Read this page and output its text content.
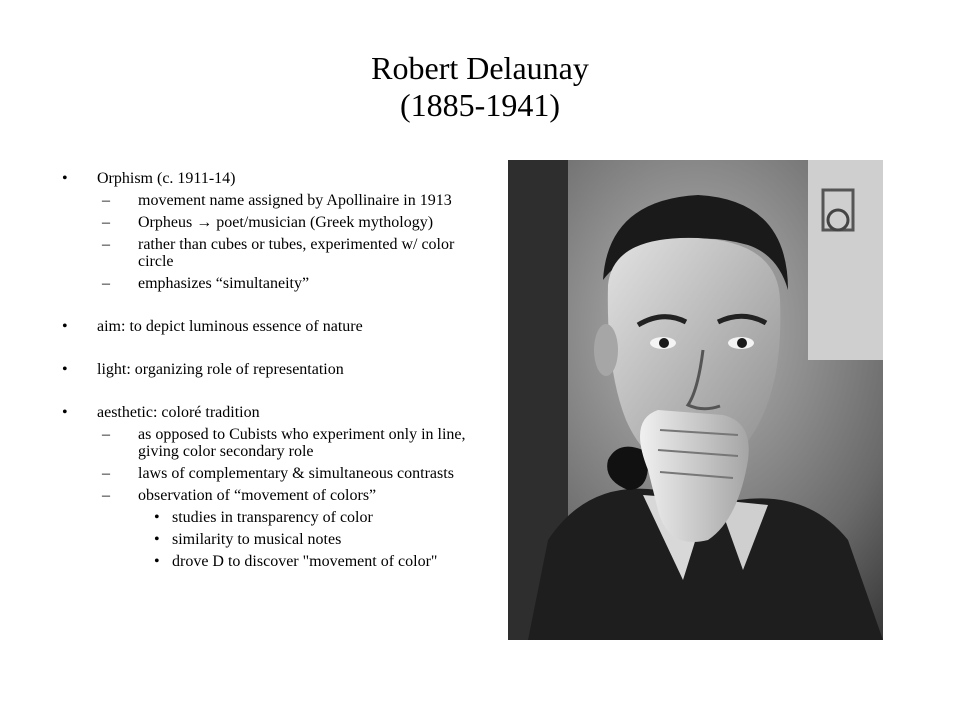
Robert Delaunay
(1885-1941)
• Orphism (c. 1911-14)
– movement name assigned by Apollinaire in 1913
– Orpheus → poet/musician (Greek mythology)
– rather than cubes or tubes, experimented w/ color circle
– emphasizes “simultaneity”
• aim: to depict luminous essence of nature
• light: organizing role of representation
• aesthetic: coloré tradition
– as opposed to Cubists who experiment only in line, giving color secondary role
– laws of complementary & simultaneous contrasts
– observation of “movement of colors”
• studies in transparency of color
• similarity to musical notes
• drove D to discover "movement of color"
